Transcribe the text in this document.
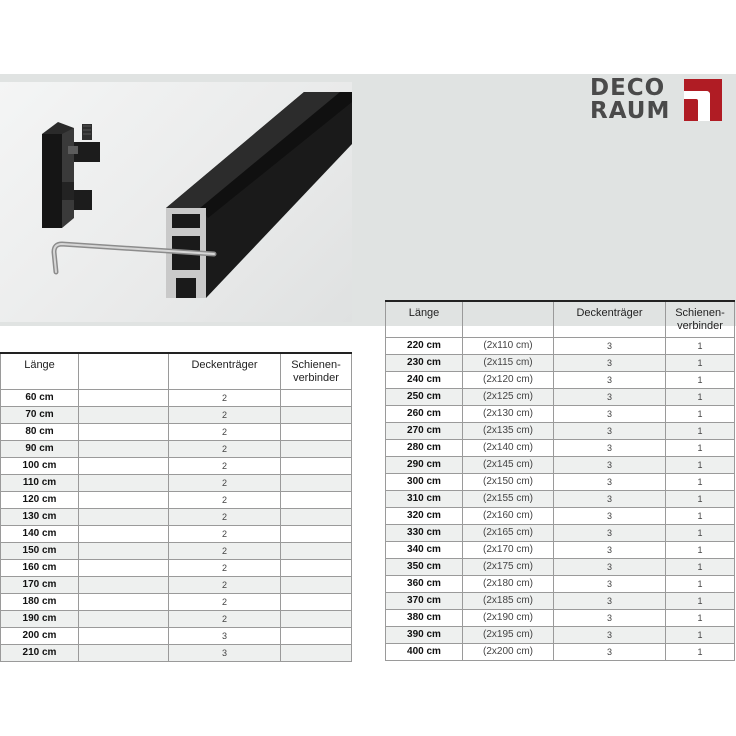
DECO
RAUM
Länge		Deckenträger	Schienen-
verbinder
60 cm		2	
70 cm		2	
80 cm		2	
90 cm		2	
100 cm		2	
110 cm		2	
120 cm		2	
130 cm		2	
140 cm		2	
150 cm		2	
160 cm		2	
170 cm		2	
180 cm		2	
190 cm		2	
200 cm		3	
210 cm		3	
Länge		Deckenträger	Schienen-
verbinder
220 cm	(2x110 cm)	3	1
230 cm	(2x115 cm)	3	1
240 cm	(2x120 cm)	3	1
250 cm	(2x125 cm)	3	1
260 cm	(2x130 cm)	3	1
270 cm	(2x135 cm)	3	1
280 cm	(2x140 cm)	3	1
290 cm	(2x145 cm)	3	1
300 cm	(2x150 cm)	3	1
310 cm	(2x155 cm)	3	1
320 cm	(2x160 cm)	3	1
330 cm	(2x165 cm)	3	1
340 cm	(2x170 cm)	3	1
350 cm	(2x175 cm)	3	1
360 cm	(2x180 cm)	3	1
370 cm	(2x185 cm)	3	1
380 cm	(2x190 cm)	3	1
390 cm	(2x195 cm)	3	1
400 cm	(2x200 cm)	3	1
